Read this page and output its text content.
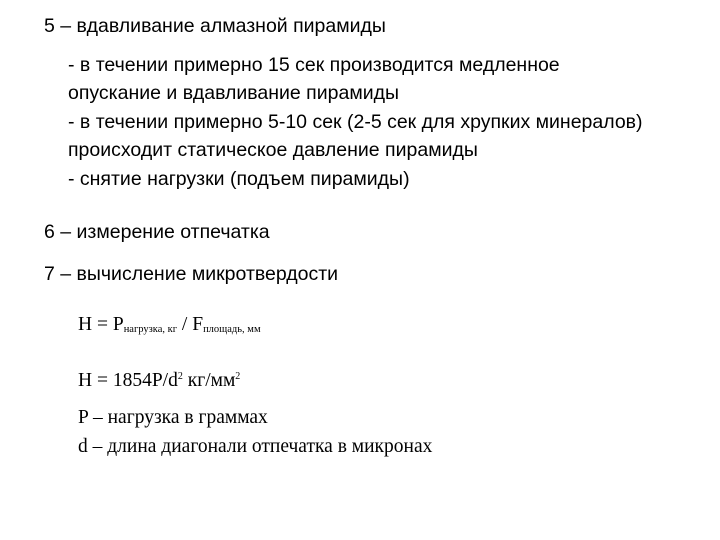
5 – вдавливание алмазной пирамиды
- в течении примерно 15 сек производится медленное
опускание и вдавливание пирамиды
- в течении примерно 5-10 сек (2-5 сек для хрупких минералов)
происходит статическое давление пирамиды
- снятие нагрузки (подъем пирамиды)
6 – измерение отпечатка
7 – вычисление микротвердости
H = Pнагрузка, кг / Fплощадь, мм
$H = 1854P/d^2$ $кг/мм^2$
P – нагрузка в граммах
d – длина диагонали отпечатка в микронах
